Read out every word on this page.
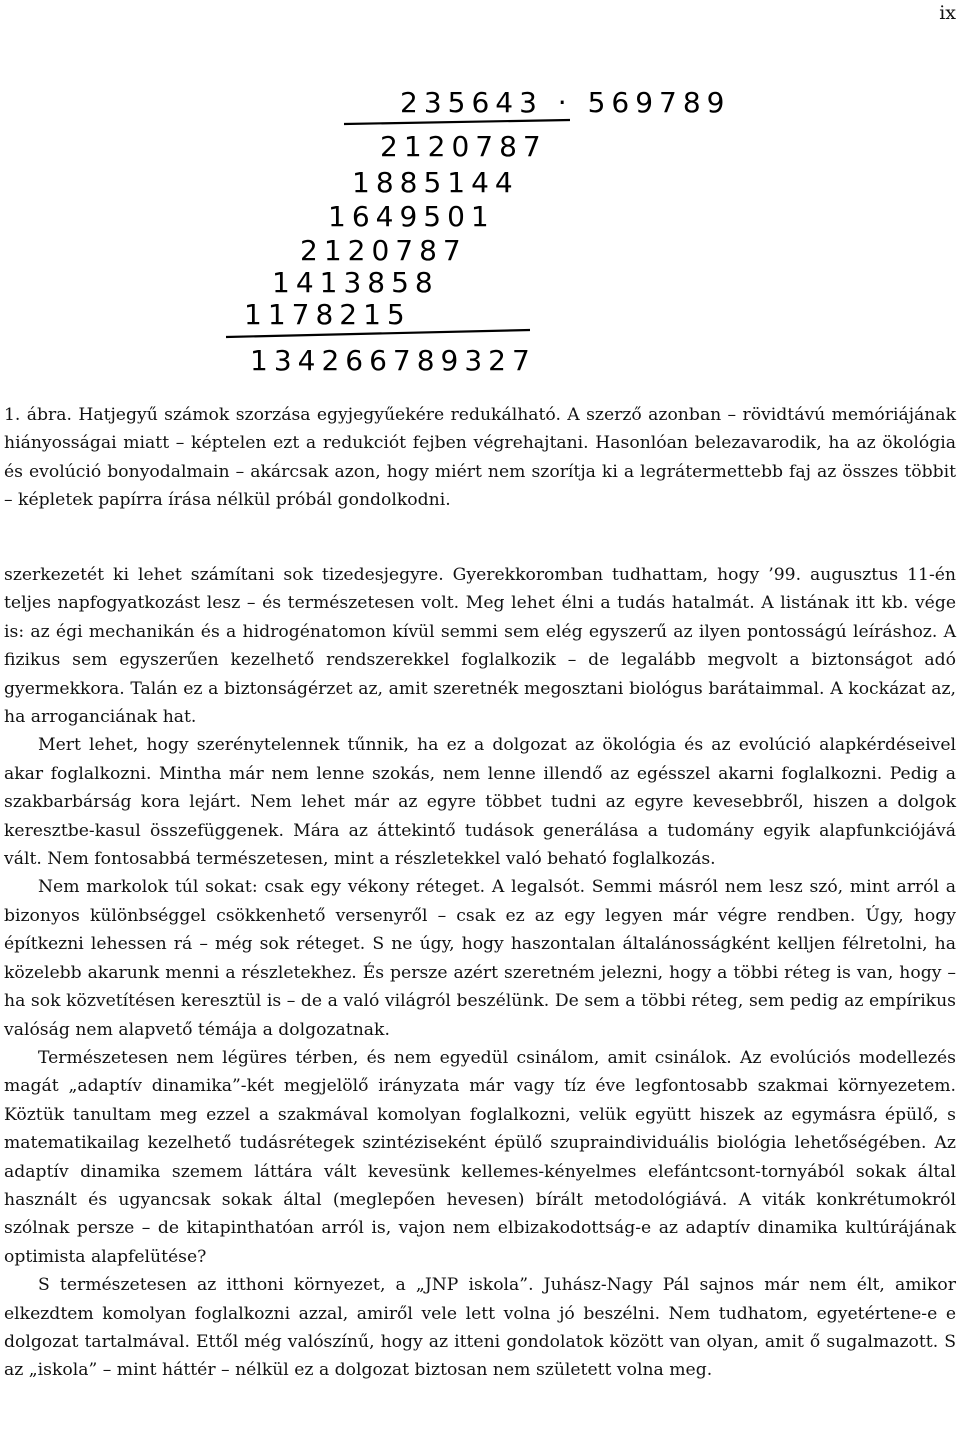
ix
235643 · 569789
2120787
1885144
1649501
2120787
1413858
1178215
134266789327
1. ábra. Hatjegyű számok szorzása egyjegyűekére redukálható. A szerző azonban – rövidtávú memóriájának hiányosságai miatt – képtelen ezt a redukciót fejben végrehajtani. Hasonlóan belezavarodik, ha az ökológia és evolúció bonyodalmain – akárcsak azon, hogy miért nem szorítja ki a legrátermettebb faj az összes többit – képletek papírra írása nélkül próbál gondolkodni.

szerkezetét ki lehet számítani sok tizedesjegyre. Gyerekkoromban tudhattam, hogy ’99. augusztus 11-én teljes napfogyatkozást lesz – és természetesen volt. Meg lehet élni a tudás hatalmát. A listának itt kb. vége is: az égi mechanikán és a hidrogénatomon kívül semmi sem elég egyszerű az ilyen pontosságú leíráshoz. A fizikus sem egyszerűen kezelhető rendszerekkel foglalkozik – de legalább megvolt a biztonságot adó gyermekkora. Talán ez a biztonságérzet az, amit szeretnék megosztani biológus barátaimmal. A kockázat az, ha arroganciának hat.

Mert lehet, hogy szerénytelennek tűnnik, ha ez a dolgozat az ökológia és az evolúció alapkérdéseivel akar foglalkozni. Mintha már nem lenne szokás, nem lenne illendő az egésszel akarni foglalkozni. Pedig a szakbarbárság kora lejárt. Nem lehet már az egyre többet tudni az egyre kevesebbről, hiszen a dolgok keresztbe-kasul összefüggenek. Mára az áttekintő tudások generálása a tudomány egyik alapfunkciójává vált. Nem fontosabbá természetesen, mint a részletekkel való beható foglalkozás.

Nem markolok túl sokat: csak egy vékony réteget. A legalsót. Semmi másról nem lesz szó, mint arról a bizonyos különbséggel csökkenhető versenyről – csak ez az egy legyen már végre rendben. Úgy, hogy építkezni lehessen rá – még sok réteget. S ne úgy, hogy haszontalan általánosságként kelljen félretolni, ha közelebb akarunk menni a részletekhez. És persze azért szeretném jelezni, hogy a többi réteg is van, hogy – ha sok közvetítésen keresztül is – de a való világról beszélünk. De sem a többi réteg, sem pedig az empírikus valóság nem alapvető témája a dolgozatnak.

Természetesen nem légüres térben, és nem egyedül csinálom, amit csinálok. Az evolúciós modellezés magát „adaptív dinamika”-két megjelölő irányzata már vagy tíz éve legfontosabb szakmai környezetem. Köztük tanultam meg ezzel a szakmával komolyan foglalkozni, velük együtt hiszek az egymásra épülő, s matematikailag kezelhető tudásrétegek szintéziseként épülő szupraindividuális biológia lehetőségében. Az adaptív dinamika szemem láttára vált kevesünk kellemes-kényelmes elefántcsont-tornyából sokak által használt és ugyancsak sokak által (meglepően hevesen) bírált metodológiává. A viták konkrétumokról szólnak persze – de kitapinthatóan arról is, vajon nem elbizakodottság-e az adaptív dinamika kultúrájának optimista alapfelütése?

S természetesen az itthoni környezet, a „JNP iskola”. Juhász-Nagy Pál sajnos már nem élt, amikor elkezdtem komolyan foglalkozni azzal, amiről vele lett volna jó beszélni. Nem tudhatom, egyetértene-e e dolgozat tartalmával. Ettől még valószínű, hogy az itteni gondolatok között van olyan, amit ő sugalmazott. S az „iskola” – mint háttér – nélkül ez a dolgozat biztosan nem született volna meg.
